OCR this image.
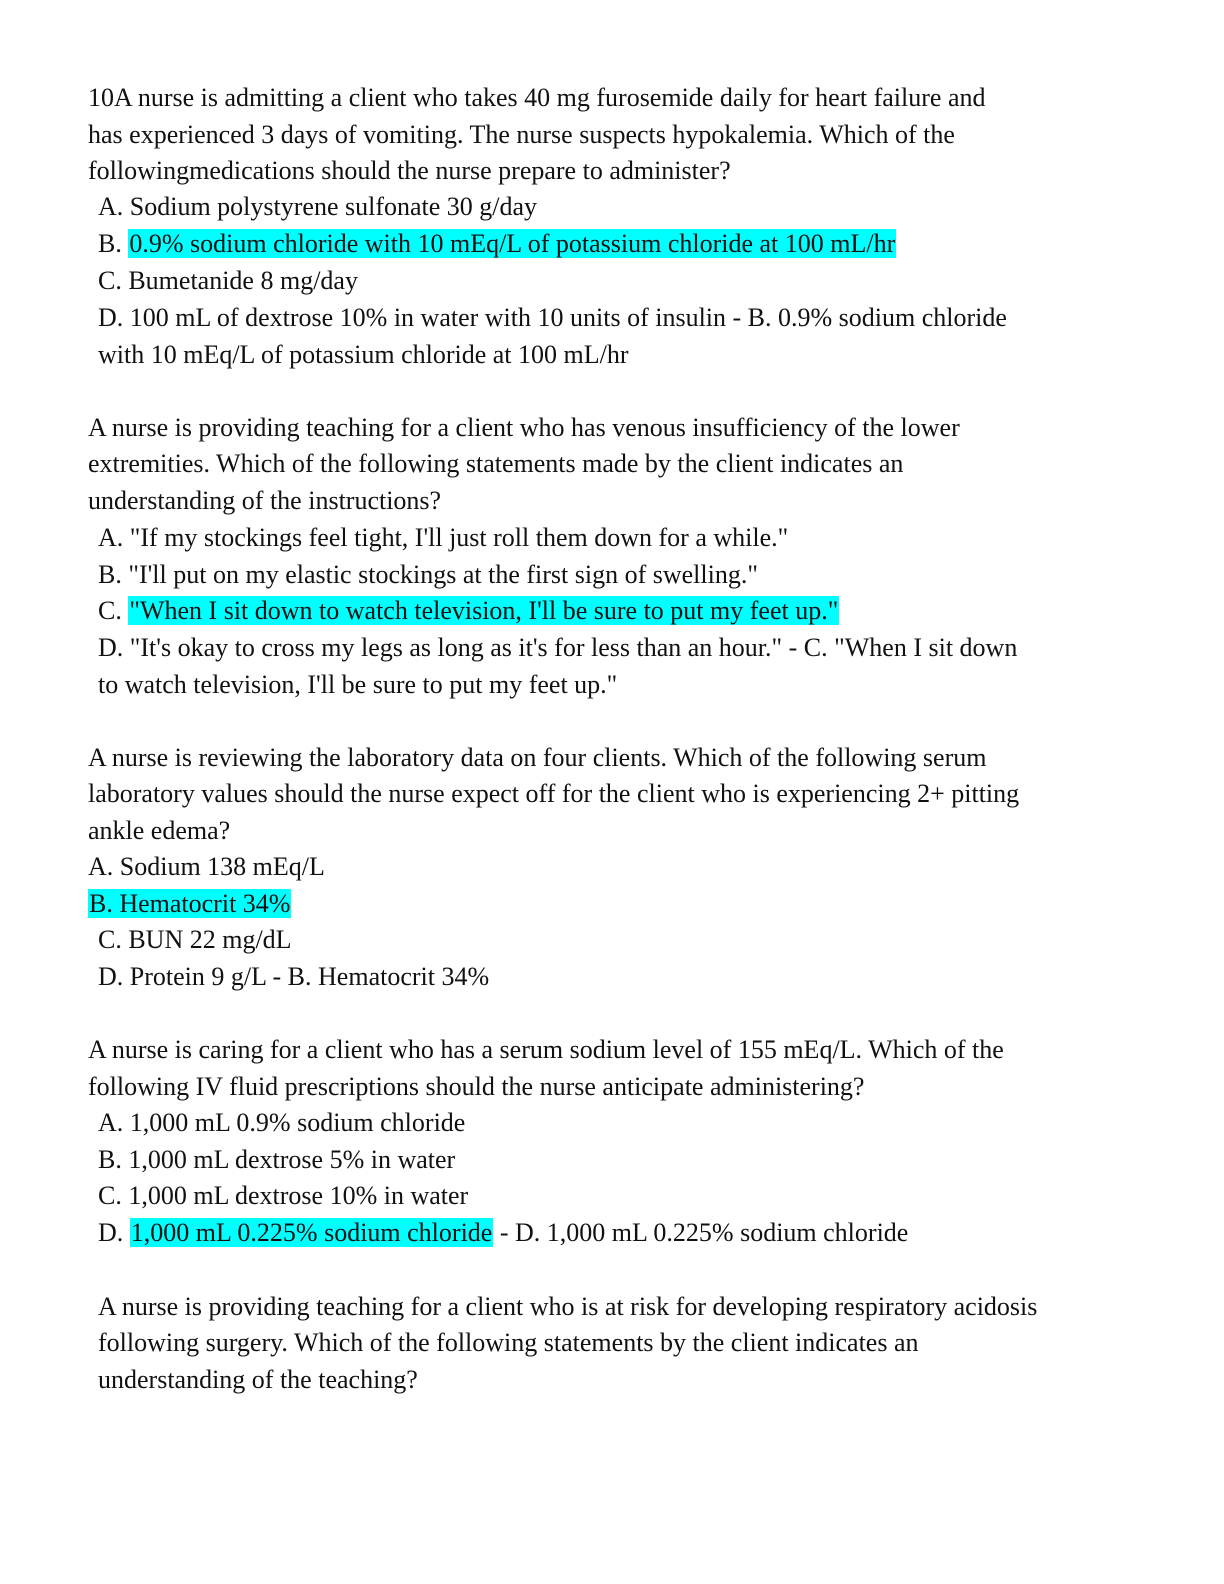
10A nurse is admitting a client who takes 40 mg furosemide daily for heart failure and
has experienced 3 days of vomiting. The nurse suspects hypokalemia. Which of the
followingmedications should the nurse prepare to administer?
A. Sodium polystyrene sulfonate 30 g/day
B. 0.9% sodium chloride with 10 mEq/L of potassium chloride at 100 mL/hr
C. Bumetanide 8 mg/day
D. 100 mL of dextrose 10% in water with 10 units of insulin - B. 0.9% sodium chloride
with 10 mEq/L of potassium chloride at 100 mL/hr
A nurse is providing teaching for a client who has venous insufficiency of the lower
extremities. Which of the following statements made by the client indicates an
understanding of the instructions?
A. "If my stockings feel tight, I'll just roll them down for a while."
B. "I'll put on my elastic stockings at the first sign of swelling."
C. "When I sit down to watch television, I'll be sure to put my feet up."
D. "It's okay to cross my legs as long as it's for less than an hour." - C. "When I sit down
to watch television, I'll be sure to put my feet up."
A nurse is reviewing the laboratory data on four clients. Which of the following serum
laboratory values should the nurse expect off for the client who is experiencing 2+ pitting
ankle edema?
A. Sodium 138 mEq/L
B. Hematocrit 34%
C. BUN 22 mg/dL
D. Protein 9 g/L - B. Hematocrit 34%
A nurse is caring for a client who has a serum sodium level of 155 mEq/L. Which of the
following IV fluid prescriptions should the nurse anticipate administering?
A. 1,000 mL 0.9% sodium chloride
B. 1,000 mL dextrose 5% in water
C. 1,000 mL dextrose 10% in water
D. 1,000 mL 0.225% sodium chloride - D. 1,000 mL 0.225% sodium chloride
A nurse is providing teaching for a client who is at risk for developing respiratory acidosis
following surgery. Which of the following statements by the client indicates an
understanding of the teaching?
